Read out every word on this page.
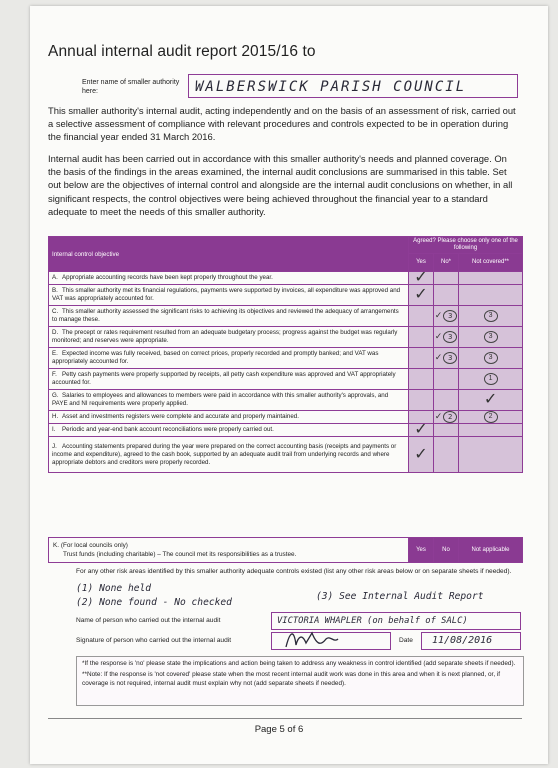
Annual internal audit report 2015/16 to
Enter name of smaller authority here:	WALBERSWICK PARISH COUNCIL
This smaller authority's internal audit, acting independently and on the basis of an assessment of risk, carried out a selective assessment of compliance with relevant procedures and controls expected to be in operation during the financial year ended 31 March 2016.
Internal audit has been carried out in accordance with this smaller authority's needs and planned coverage. On the basis of the findings in the areas examined, the internal audit conclusions are summarised in this table. Set out below are the objectives of internal control and alongside are the internal audit conclusions on whether, in all significant respects, the control objectives were being achieved throughout the financial year to a standard adequate to meet the needs of this smaller authority.
Internal control objective	Agreed? Please choose only one of the following		
	Yes	No*	Not covered**
A. Appropriate accounting records have been kept properly throughout the year.	✓		
B. This smaller authority met its financial regulations, payments were supported by invoices, all expenditure was approved and VAT was appropriately accounted for.	✓		
C. This smaller authority assessed the significant risks to achieving its objectives and reviewed the adequacy of arrangements to manage these.		✓ 3	3
D. The precept or rates requirement resulted from an adequate budgetary process; progress against the budget was regularly monitored; and reserves were appropriate.		✓ 3	3
E. Expected income was fully received, based on correct prices, properly recorded and promptly banked; and VAT was appropriately accounted for.		✓ 3	3
F. Petty cash payments were properly supported by receipts, all petty cash expenditure was approved and VAT appropriately accounted for.			1
G. Salaries to employees and allowances to members were paid in accordance with this smaller authority's approvals, and PAYE and NI requirements were properly applied.			✓
H. Asset and investments registers were complete and accurate and properly maintained.		✓ 2	2
I. Periodic and year-end bank account reconciliations were properly carried out.	✓		
J. Accounting statements prepared during the year were prepared on the correct accounting basis (receipts and payments or income and expenditure), agreed to the cash book, supported by an adequate audit trail from underlying records and where appropriate debtors and creditors were properly recorded.	✓		
K. (For local councils only)
Trust funds (including charitable) – The council met its responsibilities as a trustee.
	Yes	No	Not applicable
For any other risk areas identified by this smaller authority adequate controls existed (list any other risk areas below or on separate sheets if needed).
(1) None held
(2) None found - No checked
(3) See Internal Audit Report
Name of person who carried out the internal audit	VICTORIA WHAPLER (on behalf of SALC)
Signature of person who carried out the internal audit	Date 11/08/2016
*If the response is 'no' please state the implications and action being taken to address any weakness in control identified (add separate sheets if needed).
**Note: If the response is 'not covered' please state when the most recent internal audit work was done in this area and when it is next planned, or, if coverage is not required, internal audit must explain why not (add separate sheets if needed).
Page 5 of 6
